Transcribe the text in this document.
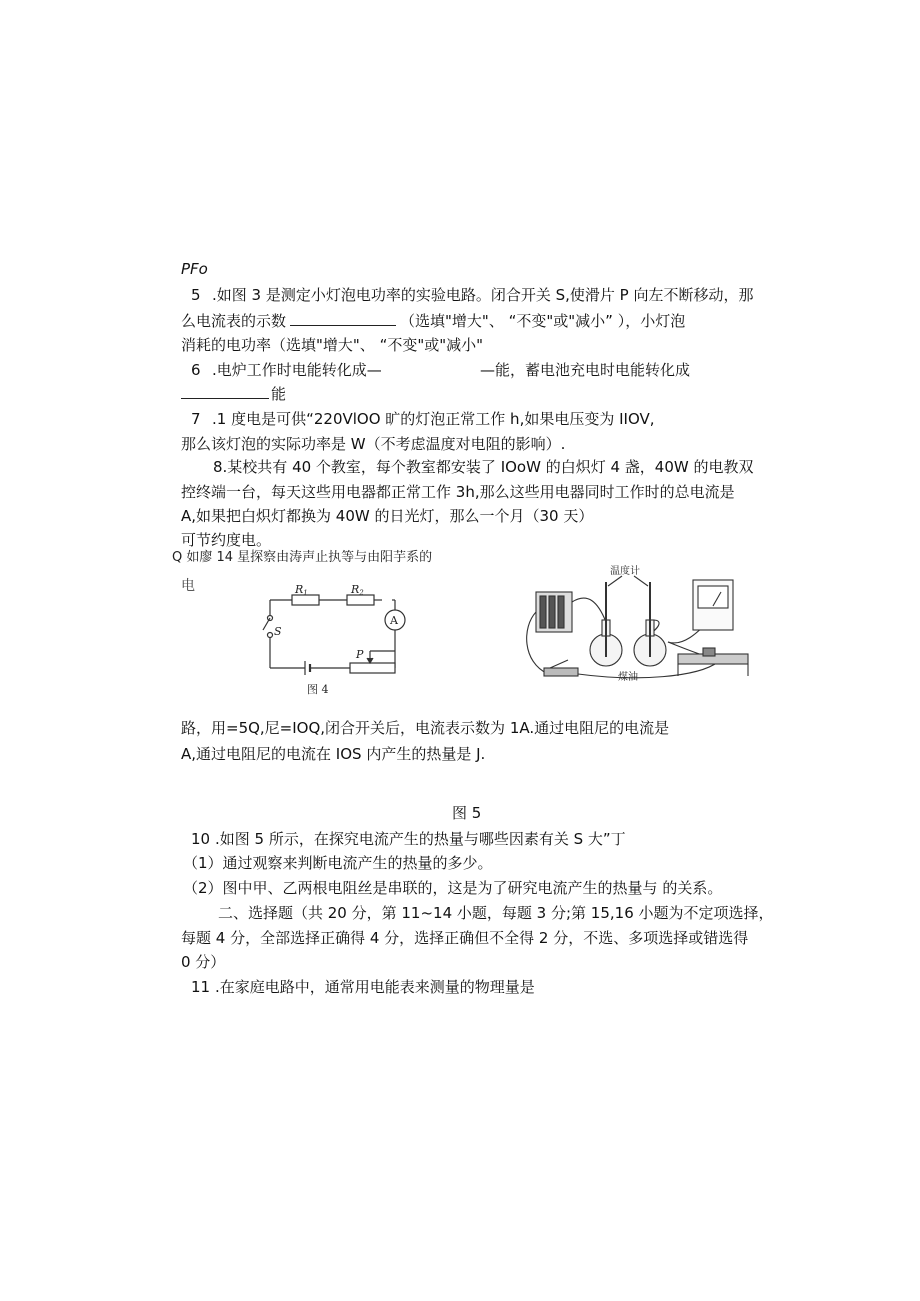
PFo
5 .如图 3 是测定小灯泡电功率的实验电路。闭合开关 S,使滑片 P 向左不断移动，那
么电流表的示数	（选填"增大"、 “不变"或"减小” ），小灯泡
消耗的电功率（选填"增大"、 “不变"或"减小"
6 .电炉工作时电能转化成—	—能，蓄电池充电时电能转化成
能
7 .1 度电是可供“220VlOO 旷的灯泡正常工作 h,如果电压变为 IIOV,
那么该灯泡的实际功率是 W（不考虑温度对电阻的影响）.
8.某校共有 40 个教室，每个教室都安装了 IOoW 的白炽灯 4 盏，40W 的电教双
控终端一台，每天这些用电器都正常工作 3h,那么这些用电器同时工作时的总电流是
A,如果把白炽灯都换为 40W 的日光灯，那么一个月（30 天）
可节约度电。
Q 如廖 14 星探察由涛声止执等与由阳芋系的
电	R1	R2
A
S
P
图 4
温度计
煤油
路，用=5Q,尼=IOQ,闭合开关后，电流表示数为 1A.通过电阻尼的电流是
A,通过电阻尼的电流在 IOS 内产生的热量是 J.
图 5
10 .如图 5 所示，在探究电流产生的热量与哪些因素有关 S 大”丁
（1）通过观察来判断电流产生的热量的多少。
（2）图中甲、乙两根电阻丝是串联的，这是为了研究电流产生的热量与 的关系。
二、选择题（共 20 分，第 11~14 小题，每题 3 分;第 15,16 小题为不定项选择，
每题 4 分，全部选择正确得 4 分，选择正确但不全得 2 分，不选、多项选择或错选得
0 分）
11 .在家庭电路中，通常用电能表来测量的物理量是
